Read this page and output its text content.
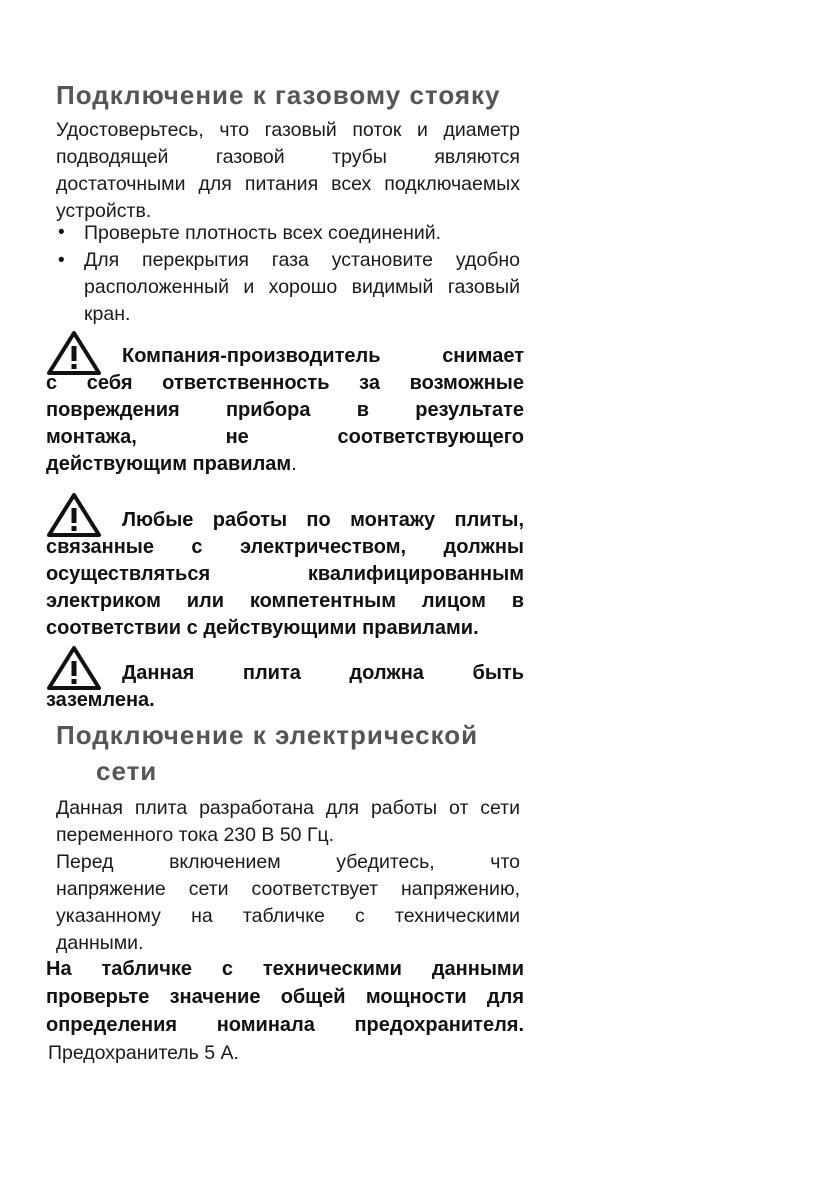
Подключение к газовому стояку
Удостоверьтесь, что газовый поток и диаметр
подводящей газовой трубы являются
достаточными для питания всех подключаемых
устройств.
• Проверьте плотность всех соединений.
• Для перекрытия газа установите удобно
расположенный и хорошо видимый газовый
кран.
Компания-производитель снимает
с себя ответственность за возможные
повреждения прибора в результате
монтажа, не соответствующего
действующим правилам.
Любые работы по монтажу плиты,
связанные с электричеством, должны
осуществляться квалифицированным
электриком или компетентным лицом в
соответствии с действующими правилами.
Данная плита должна быть
заземлена.
Подключение к электрической
сети
Данная плита разработана для работы от сети
переменного тока 230 В 50 Гц.
Перед включением убедитесь, что
напряжение сети соответствует напряжению,
указанному на табличке с техническими
данными.
На табличке с техническими данными
проверьте значение общей мощности для
определения номинала предохранителя.
Предохранитель 5 А.
